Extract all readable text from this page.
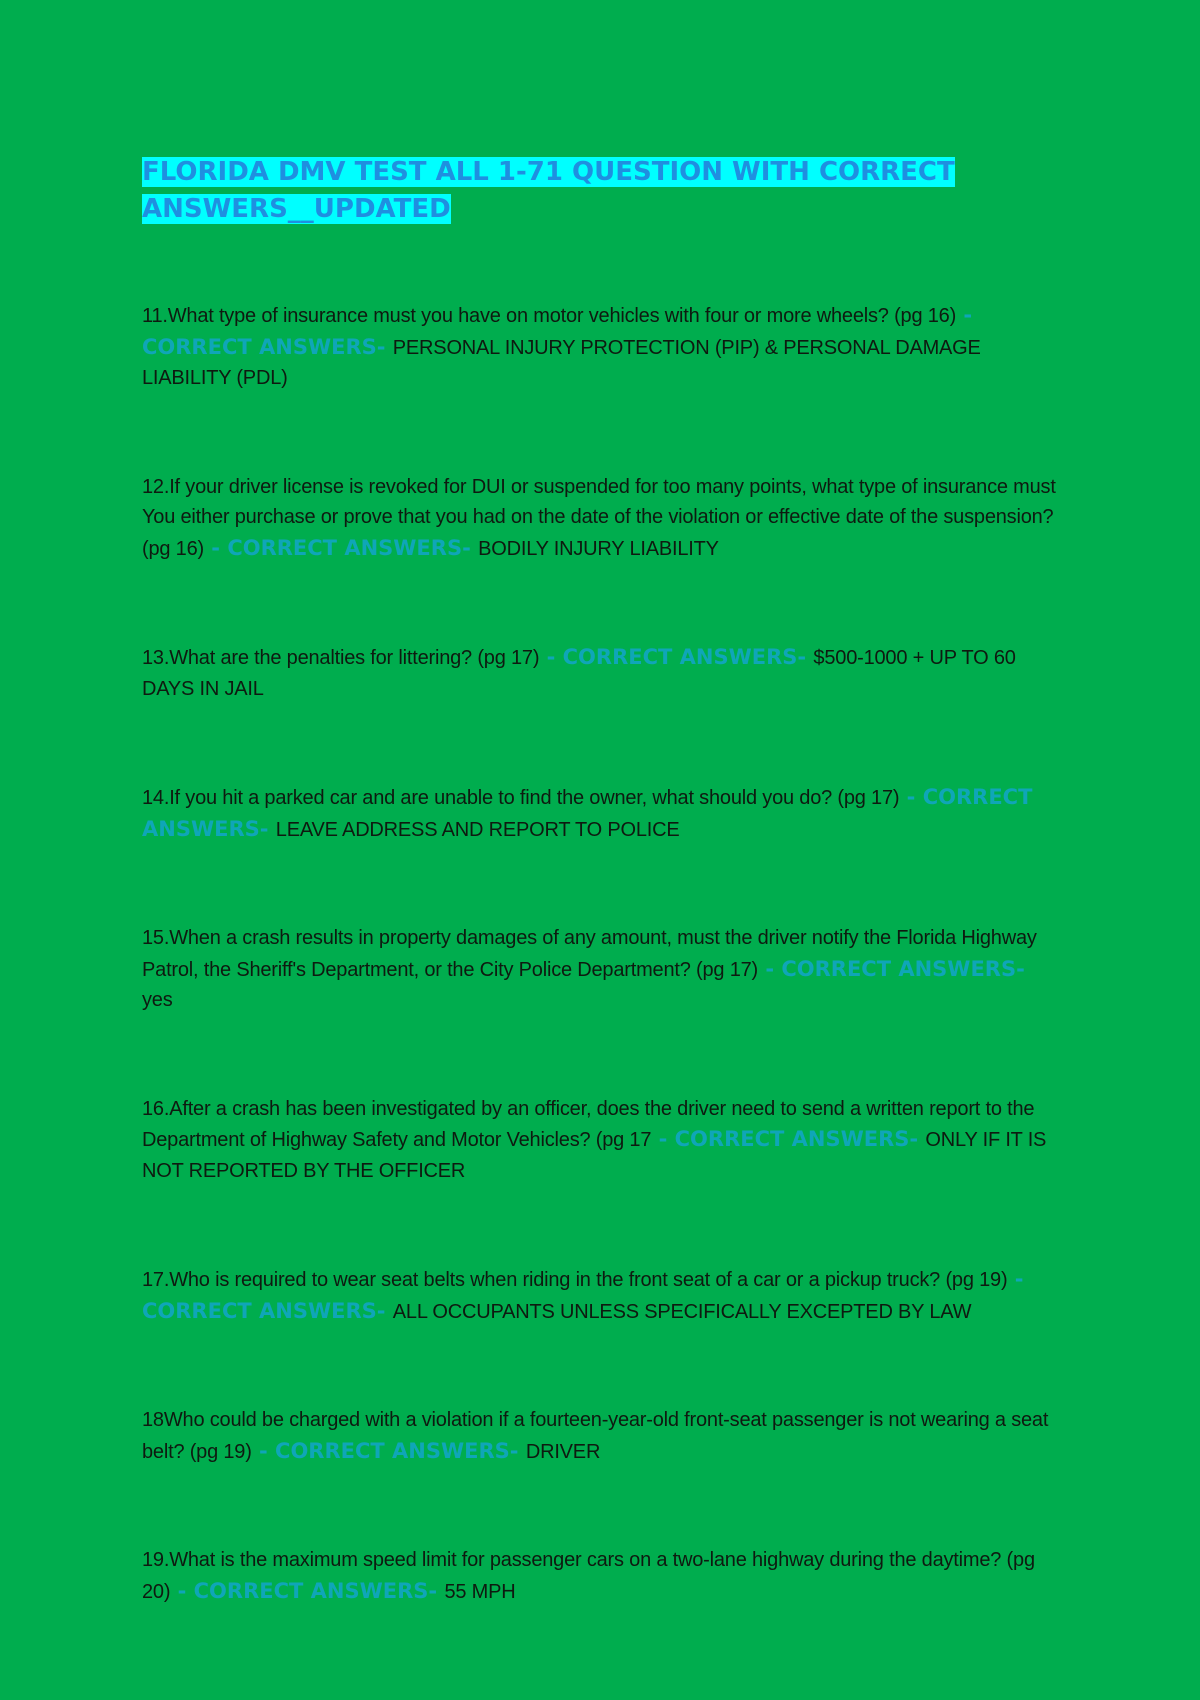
FLORIDA DMV TEST ALL 1-71 QUESTION WITH CORRECT ANSWERS__UPDATED

11.What type of insurance must you have on motor vehicles with four or more wheels? (pg 16) - CORRECT ANSWERS- PERSONAL INJURY PROTECTION (PIP) & PERSONAL DAMAGE LIABILITY (PDL)

12.If your driver license is revoked for DUI or suspended for too many points, what type of insurance must You either purchase or prove that you had on the date of the violation or effective date of the suspension? (pg 16) - CORRECT ANSWERS- BODILY INJURY LIABILITY

13.What are the penalties for littering? (pg 17) - CORRECT ANSWERS- $500-1000 + UP TO 60 DAYS IN JAIL

14.If you hit a parked car and are unable to find the owner, what should you do? (pg 17) - CORRECT ANSWERS- LEAVE ADDRESS AND REPORT TO POLICE

15.When a crash results in property damages of any amount, must the driver notify the Florida Highway Patrol, the Sheriff's Department, or the City Police Department? (pg 17) - CORRECT ANSWERS- yes

16.After a crash has been investigated by an officer, does the driver need to send a written report to the Department of Highway Safety and Motor Vehicles? (pg 17 - CORRECT ANSWERS- ONLY IF IT IS NOT REPORTED BY THE OFFICER

17.Who is required to wear seat belts when riding in the front seat of a car or a pickup truck? (pg 19) - CORRECT ANSWERS- ALL OCCUPANTS UNLESS SPECIFICALLY EXCEPTED BY LAW

18Who could be charged with a violation if a fourteen-year-old front-seat passenger is not wearing a seat belt? (pg 19) - CORRECT ANSWERS- DRIVER

19.What is the maximum speed limit for passenger cars on a two-lane highway during the daytime? (pg 20) - CORRECT ANSWERS- 55 MPH
